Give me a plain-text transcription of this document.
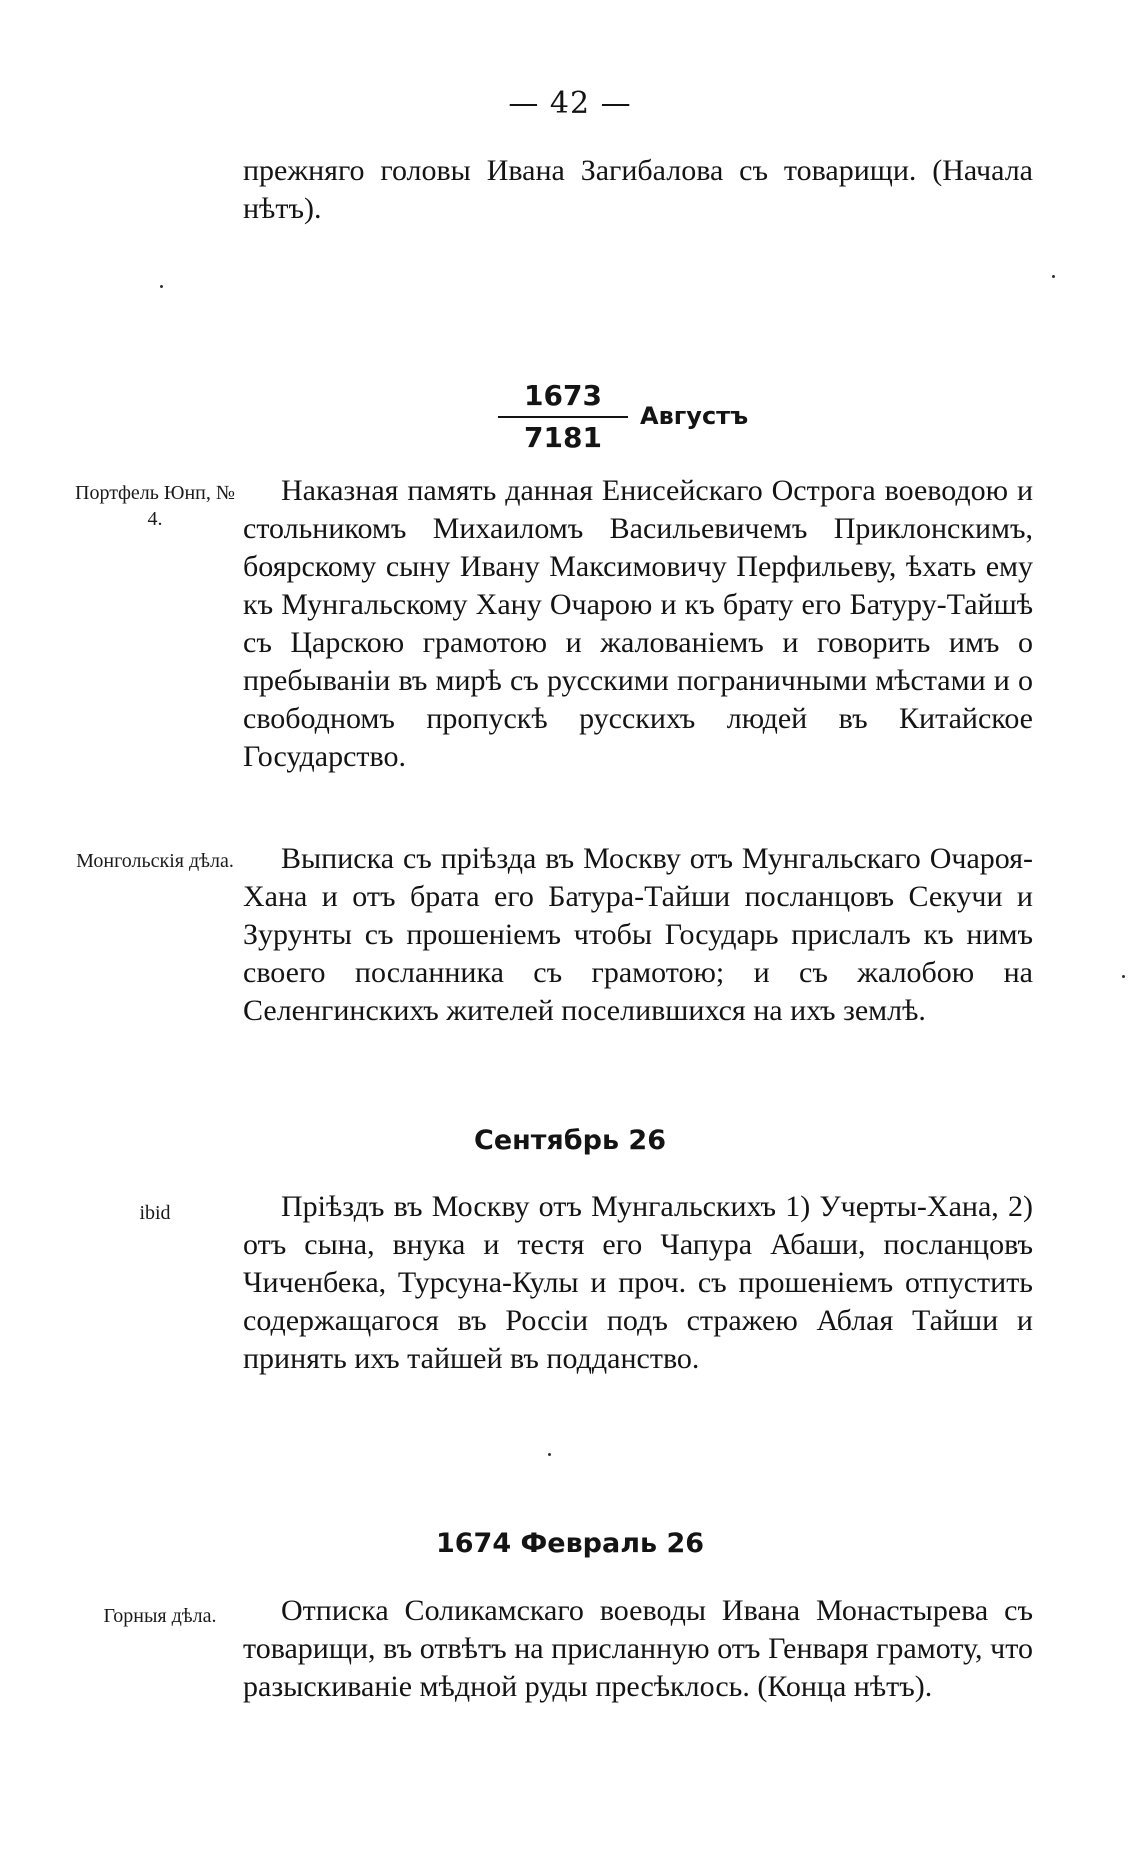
— 42 —

прежняго головы Ивана Загибалова съ товарищи. (Начала нѣтъ).

1673
7181
Августъ
Портфель Юнп, № 4.

Наказная память данная Енисейскаго Острога воеводою и стольникомъ Михаиломъ Васильевичемъ Приклонскимъ, боярскому сыну Ивану Максимовичу Перфильеву, ѣхать ему къ Мунгальскому Хану Очарою и къ брату его Батуру-Тайшѣ съ Царскою грамотою и жалованіемъ и говорить имъ о пребываніи въ мирѣ съ русскими пограничными мѣстами и о свободномъ пропускѣ русскихъ людей въ Китайское Государство.

Монгольскія дѣла.	Выписка съ пріѣзда въ Москву отъ Мунгальскаго Очароя-Хана и отъ брата его Батура-Тайши посланцовъ Секучи и Зурунты съ прошеніемъ чтобы Государь прислалъ къ нимъ своего посланника съ грамотою; и съ жалобою на Селенгинскихъ жителей поселившихся на ихъ землѣ.

Сентябрь 26
ibid	Пріѣздъ въ Москву отъ Мунгальскихъ 1) Учерты-Хана, 2) отъ сына, внука и тестя его Чапура Абаши, посланцовъ Чиченбека, Турсуна-Кулы и проч. съ прошеніемъ отпустить содержащагося въ Россіи подъ стражею Аблая Тайши и принять ихъ тайшей въ подданство.

1674 Февраль 26
Горныя дѣла.	Отписка Соликамскаго воеводы Ивана Монастырева съ товарищи, въ отвѣтъ на присланную отъ Генваря грамоту, что разыскиваніе мѣдной руды пресѣклось. (Конца нѣтъ).
